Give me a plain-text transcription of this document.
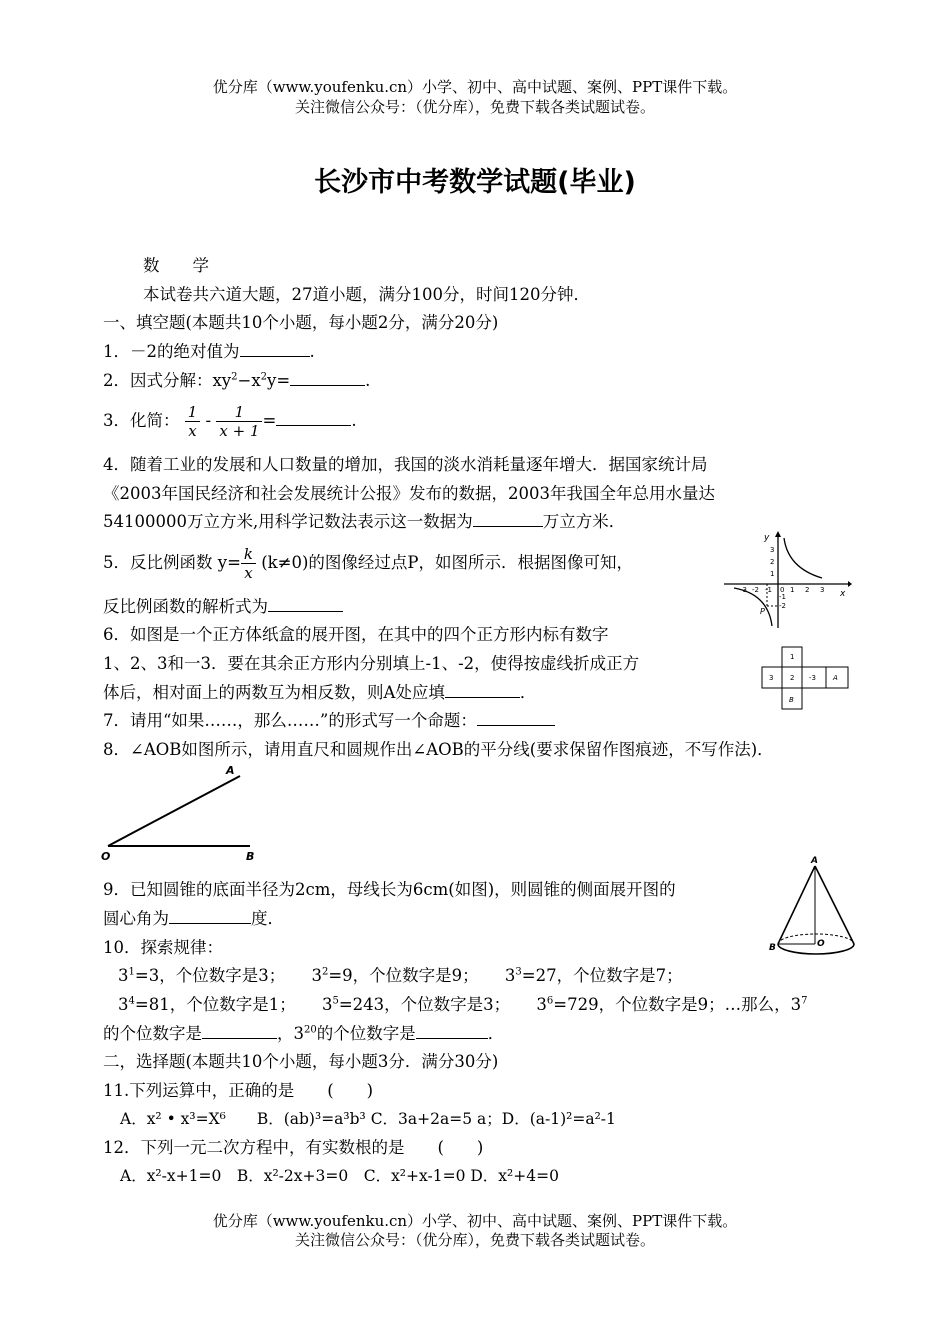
优分库（www.youfenku.cn）小学、初中、高中试题、案例、PPT课件下载。
关注微信公众号：（优分库），免费下载各类试题试卷。
长沙市中考数学试题(毕业)
数　　学
本试卷共六道大题，27道小题，满分100分，时间120分钟．
一、填空题(本题共10个小题，每小题2分，满分20分)
1．－2的绝对值为	.
2．因式分解：$xy^2-x^2y=$	.
3．化简： $\frac{1}{x} - \frac{1}{x + 1}$ =	.
4．随着工业的发展和人口数量的增加，我国的淡水消耗量逐年增大．据国家统计局
《2003年国民经济和社会发展统计公报》发布的数据，2003年我国全年总用水量达
54100000万立方米,用科学记数法表示这一数据为	万立方米．
5．反比例函数 $y= \frac{k}{x} (k\ne 0)$的图像经过点P，如图所示．根据图像可知，
反比例函数的解析式为
6．如图是一个正方体纸盒的展开图，在其中的四个正方形内标有数字
1、2、3和一3．要在其余正方形内分别填上-1、-2，使得按虚线折成正方
体后，相对面上的两数互为相反数，则A处应填	．
7．请用“如果……，那么……”的形式写一个命题：
8．∠AOB如图所示，请用直尺和圆规作出∠AOB的平分线(要求保留作图痕迹，不写作法)．
9．已知圆锥的底面半径为2cm，母线长为6cm(如图)，则圆锥的侧面展开图的
圆心角为	度．
10．探索规律：
$3^1=3$，个位数字是3； $3^2=9$，个位数字是9； $3^3=27$，个位数字是7；
$3^4=81$，个位数字是1； $3^5=243$，个位数字是3； $3^6=729$，个位数字是9；…那么，$3^7$
的个位数字是	，$3^{20}$的个位数字是	．
二，选择题(本题共10个小题，每小题3分．满分30分)
11.下列运算中，正确的是　　(　　)
A．x² • x³=X⁶　　B．(ab)³=a³b³ C．3a+2a=5 a；D．(a-1)²=a²-1
12．下列一元二次方程中，有实数根的是　　(　　)
A．x²-x+1=0　B．x²-2x+3=0　C．x²+x-1=0 D．x²+4=0
优分库（www.youfenku.cn）小学、初中、高中试题、案例、PPT课件下载。
关注微信公众号：（优分库），免费下载各类试题试卷。
x
y
0
-3 -2 -1	1 2 3
3
2
1
-1
-2
P
1
3 2 -3 A
B
A
O	B	A
B	O
